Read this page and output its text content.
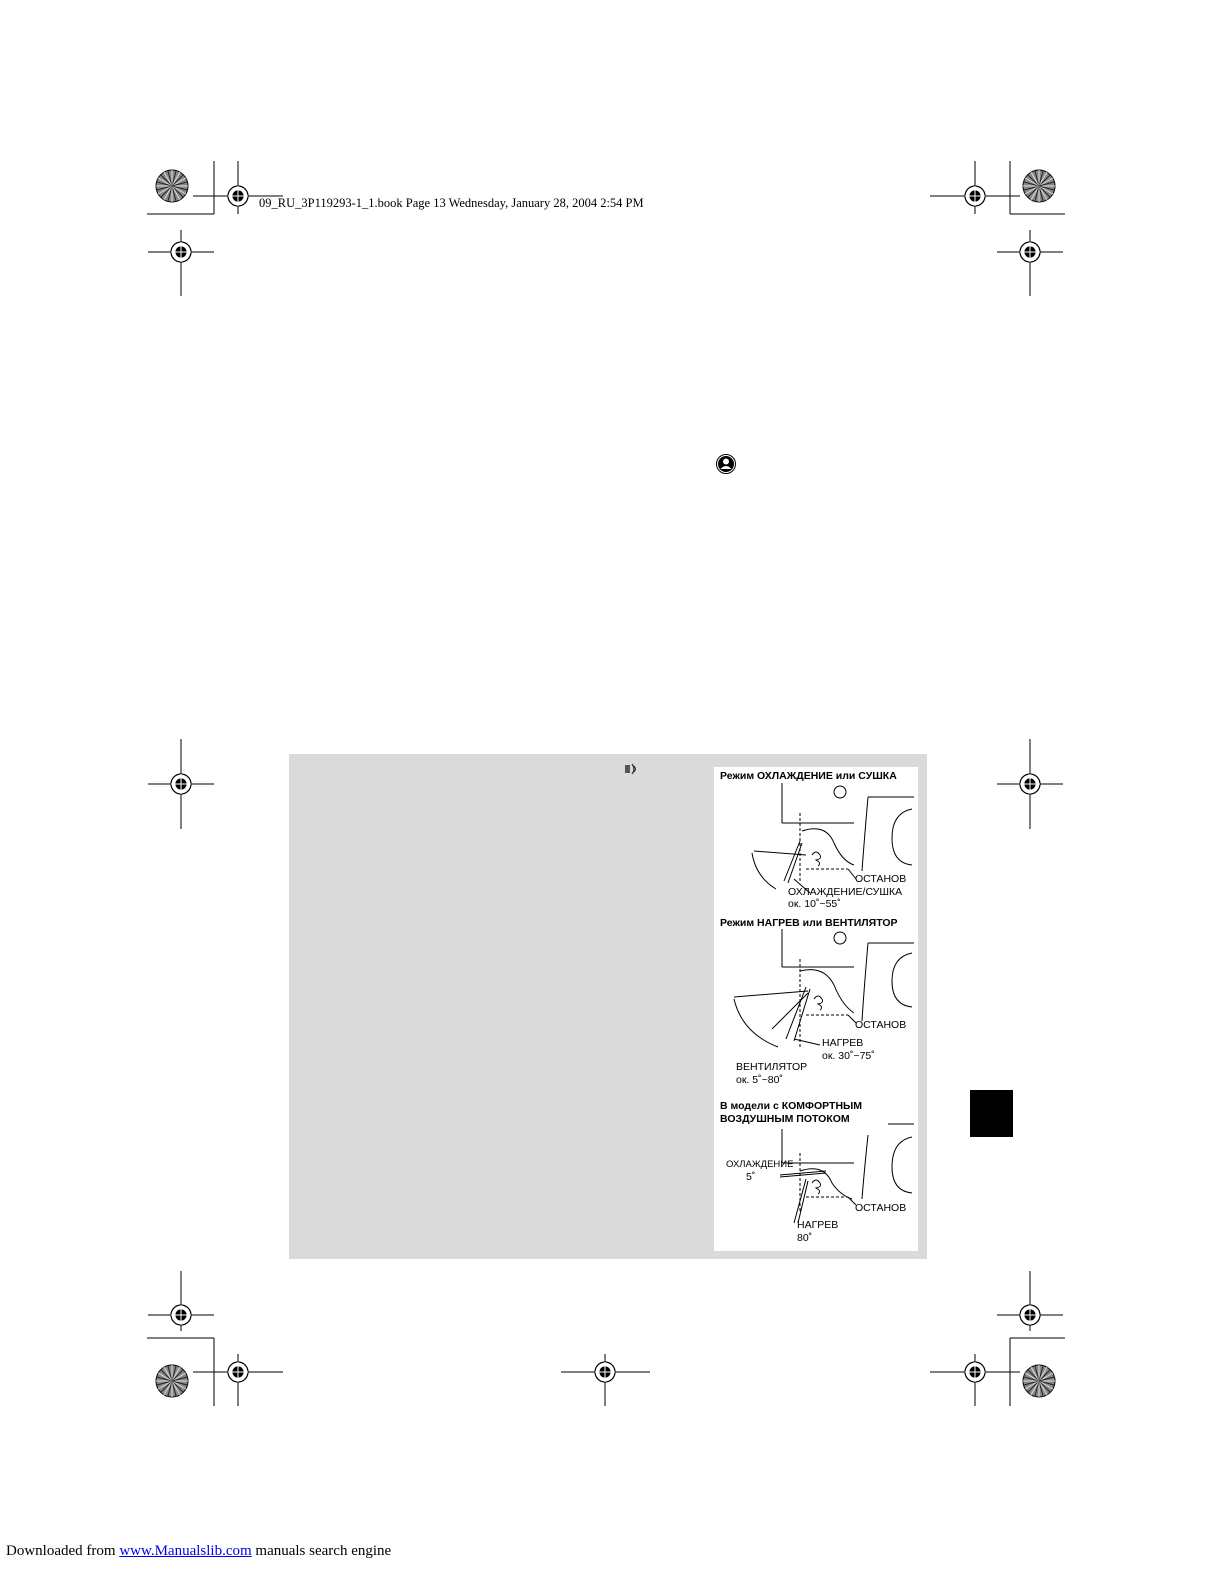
09_RU_3P119293-1_1.book Page 13 Wednesday, January 28, 2004 2:54 PM
Режим ОХЛАЖДЕНИЕ или СУШКА
ОСТАНОВ
ОХЛАЖДЕНИЕ/СУШКА
ок. 10˚~55˚
Режим НАГРЕВ или ВЕНТИЛЯТОР
ОСТАНОВ
НАГРЕВ
ок. 30˚~75˚
ВЕНТИЛЯТОР
ок. 5˚~80˚
В модели с КОМФОРТНЫМ
ВОЗДУШНЫМ ПОТОКОМ
ОХЛАЖДЕНИЕ
5˚
ОСТАНОВ
НАГРЕВ
80˚
Downloaded from www.Manualslib.com manuals search engine
